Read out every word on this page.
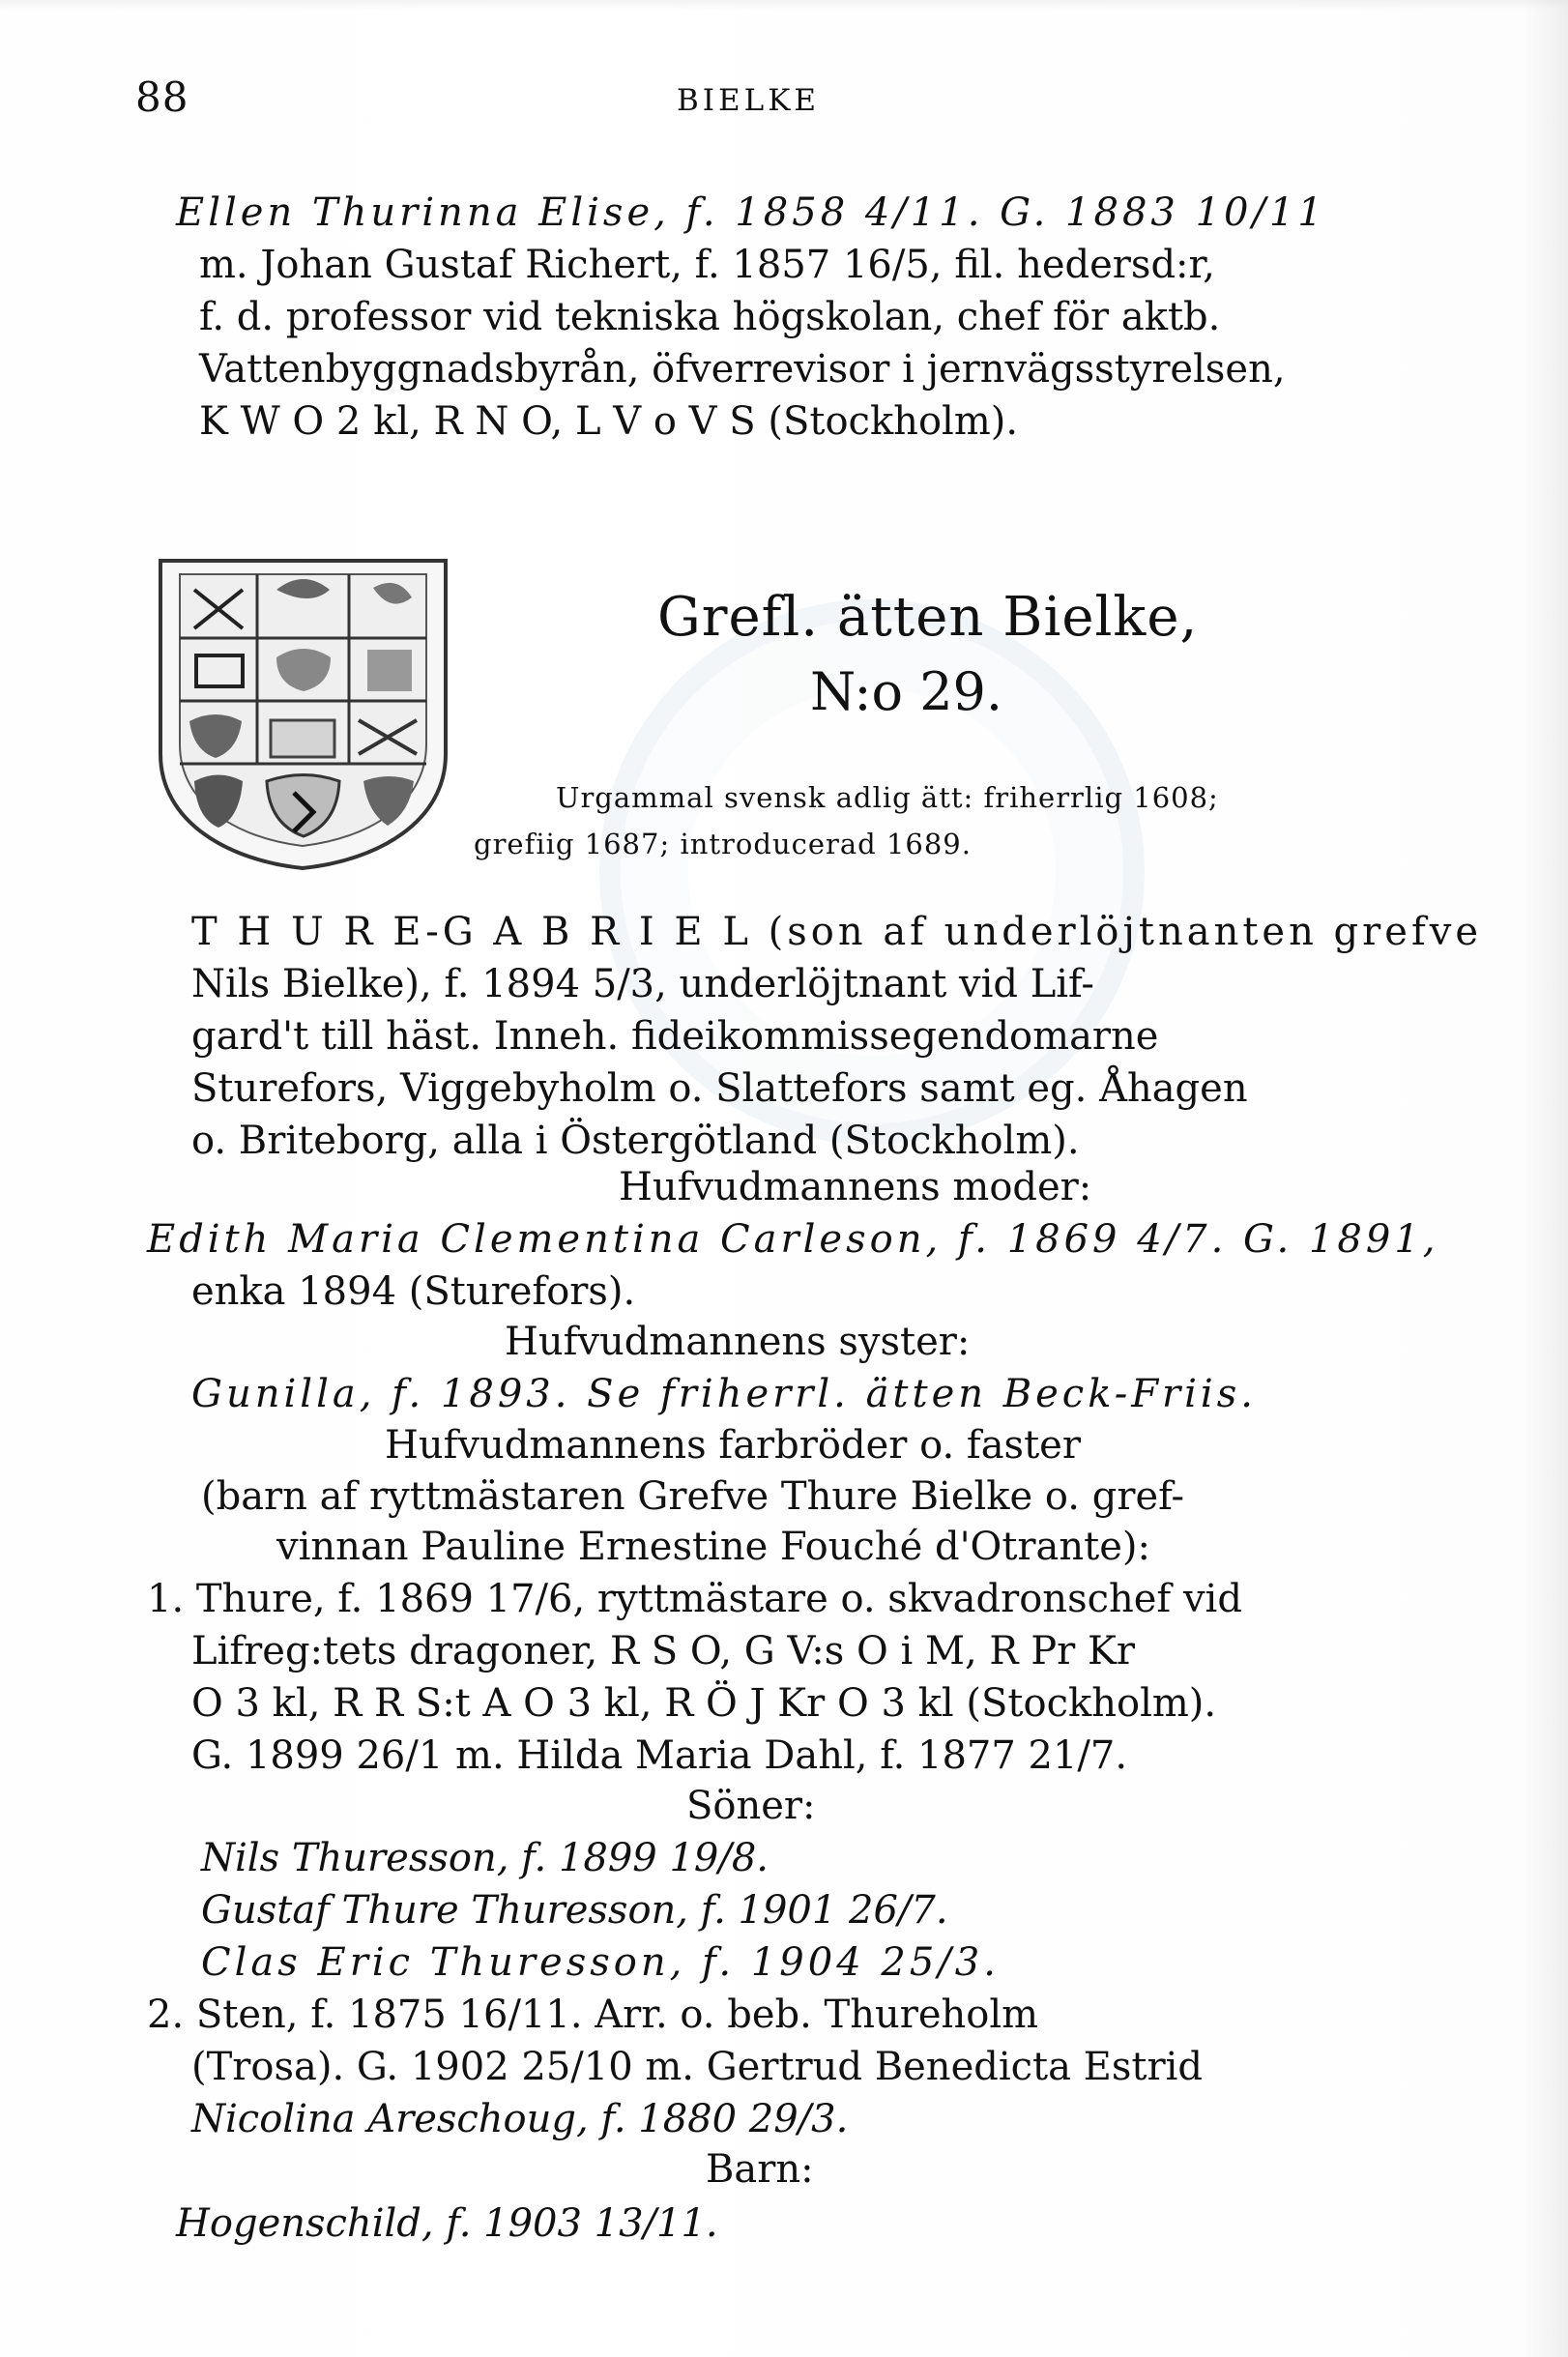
88	BIELKE
Ellen Thurinna Elise, f. 1858 4/11. G. 1883 10/11
m. Johan Gustaf Richert, f. 1857 16/5, fil. hedersd:r,
f. d. professor vid tekniska högskolan, chef för aktb.
Vattenbyggnadsbyrån, öfverrevisor i jernvägsstyrelsen,
K W O 2 kl, R N O, L V o V S (Stockholm).
Grefl. ätten Bielke,
N:o 29.
Urgammal svensk adlig ätt: friherrlig 1608;
grefiig 1687; introducerad 1689.
T H U R E-G A B R I E L (son af underlöjtnanten grefve
Nils Bielke), f. 1894 5/3, underlöjtnant vid Lif-
gard't till häst. Inneh. fideikommissegendomarne
Sturefors, Viggebyholm o. Slattefors samt eg. Åhagen
o. Briteborg, alla i Östergötland (Stockholm).
Hufvudmannens moder:
Edith Maria Clementina Carleson, f. 1869 4/7. G. 1891,
enka 1894 (Sturefors).
Hufvudmannens syster:
Gunilla, f. 1893. Se friherrl. ätten Beck-Friis.
Hufvudmannens farbröder o. faster
(barn af ryttmästaren Grefve Thure Bielke o. gref-
vinnan Pauline Ernestine Fouché d'Otrante):
1. Thure, f. 1869 17/6, ryttmästare o. skvadronschef vid
Lifreg:tets dragoner, R S O, G V:s O i M, R Pr Kr
O 3 kl, R R S:t A O 3 kl, R Ö J Kr O 3 kl (Stockholm).
G. 1899 26/1 m. Hilda Maria Dahl, f. 1877 21/7.
Söner:
Nils Thuresson, f. 1899 19/8.
Gustaf Thure Thuresson, f. 1901 26/7.
Clas Eric Thuresson, f. 1904 25/3.
2. Sten, f. 1875 16/11. Arr. o. beb. Thureholm
(Trosa). G. 1902 25/10 m. Gertrud Benedicta Estrid
Nicolina Areschoug, f. 1880 29/3.
Barn:
Hogenschild, f. 1903 13/11.
